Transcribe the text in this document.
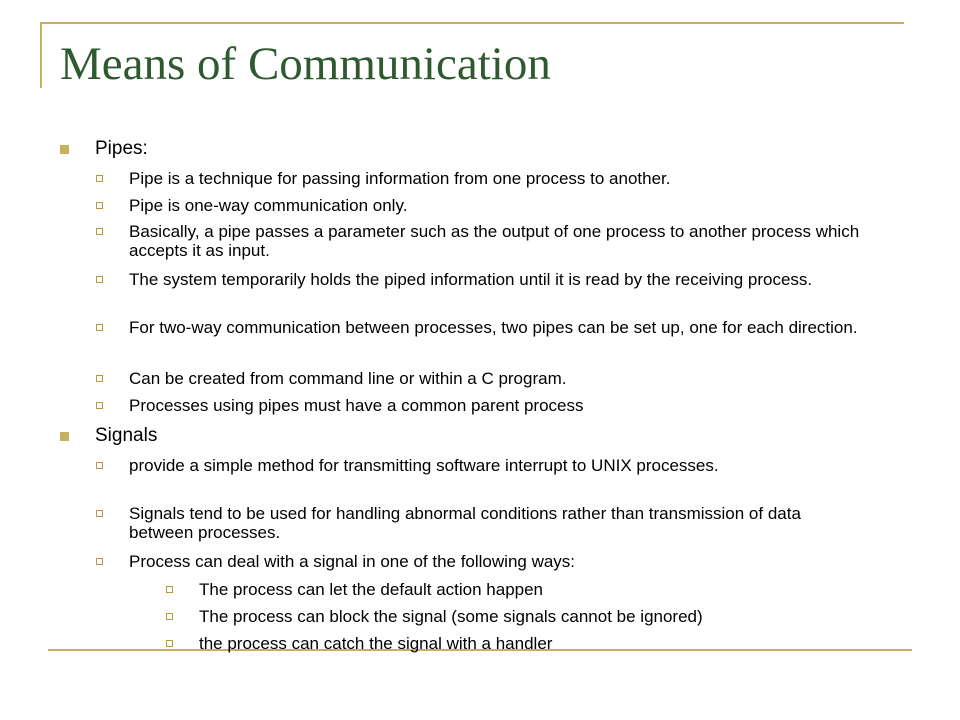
Means of Communication
Pipes:
Pipe is a technique for passing information from one process to another.
Pipe is one-way communication only.
Basically, a pipe passes a parameter such as the output of one process to another process which accepts it as input.
The system temporarily holds the piped information until it is read by the receiving process.
For two-way communication between processes, two pipes can be set up, one for each direction.
Can be created from command line or within a C program.
Processes using pipes must have a common parent process
Signals
provide a simple method for transmitting software interrupt to UNIX processes.
Signals tend to be used for handling abnormal conditions rather than transmission of data between processes.
Process can deal with a signal in one of the following ways:
The process can let the default action happen
The process can block the signal (some signals cannot be ignored)
the process can catch the signal with a handler
